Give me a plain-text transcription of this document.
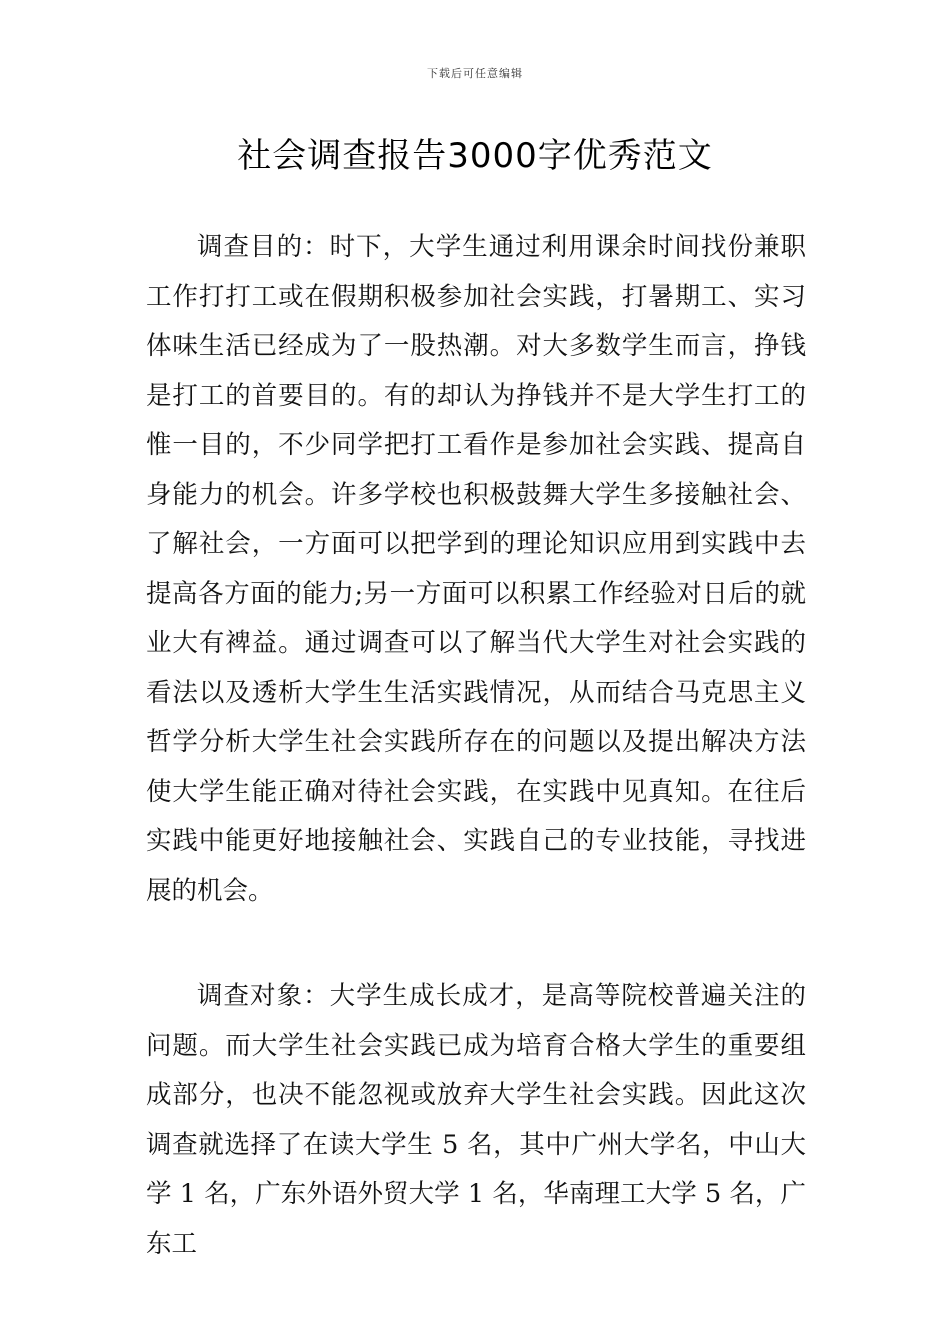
下载后可任意编辑
社会调查报告3000字优秀范文

调查目的：时下，大学生通过利用课余时间找份兼职工作打打工或在假期积极参加社会实践，打暑期工、实习体味生活已经成为了一股热潮。对大多数学生而言，挣钱是打工的首要目的。有的却认为挣钱并不是大学生打工的惟一目的，不少同学把打工看作是参加社会实践、提高自身能力的机会。许多学校也积极鼓舞大学生多接触社会、了解社会，一方面可以把学到的理论知识应用到实践中去提高各方面的能力;另一方面可以积累工作经验对日后的就业大有裨益。通过调查可以了解当代大学生对社会实践的看法以及透析大学生生活实践情况，从而结合马克思主义哲学分析大学生社会实践所存在的问题以及提出解决方法使大学生能正确对待社会实践，在实践中见真知。在往后实践中能更好地接触社会、实践自己的专业技能，寻找进展的机会。

调查对象：大学生成长成才，是高等院校普遍关注的问题。而大学生社会实践已成为培育合格大学生的重要组成部分，也决不能忽视或放弃大学生社会实践。因此这次调查就选择了在读大学生 5 名，其中广州大学名，中山大学 1 名，广东外语外贸大学 1 名，华南理工大学 5 名，广东工
